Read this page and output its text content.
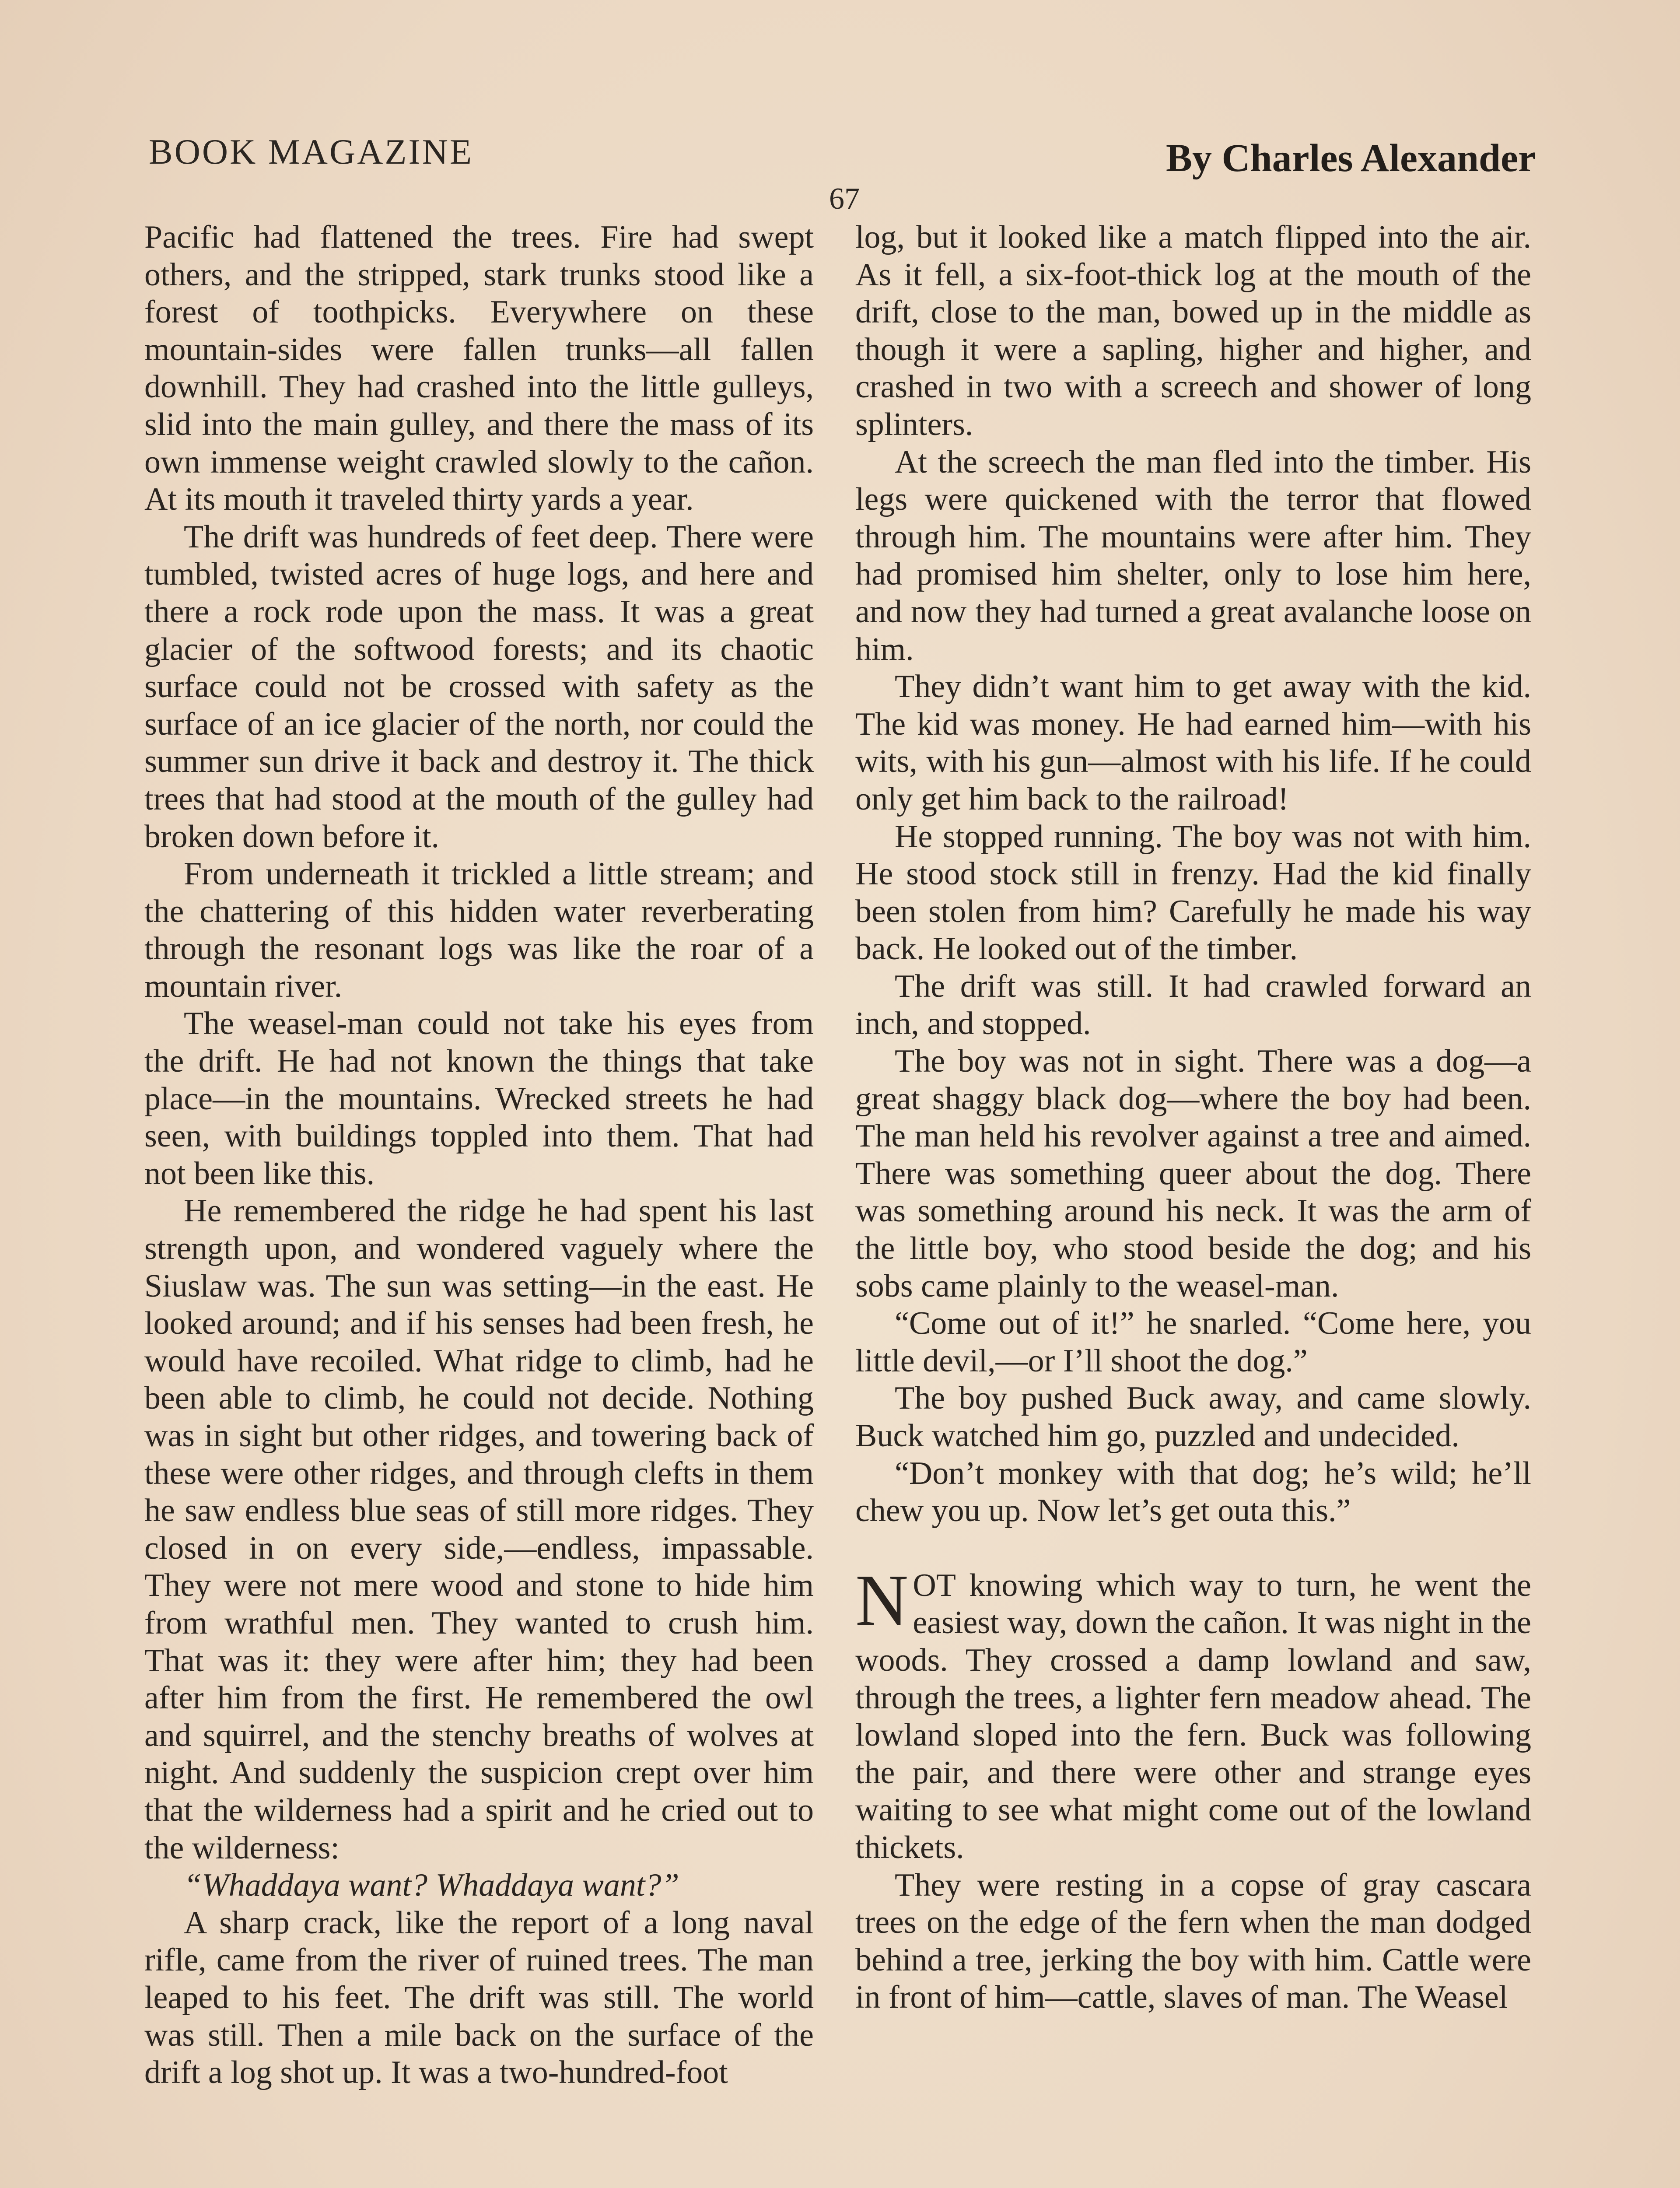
BOOK MAGAZINE	By Charles Alexander
67

Pacific had flattened the trees. Fire had swept others, and the stripped, stark trunks stood like a forest of toothpicks. Everywhere on these mountain-sides were fallen trunks—all fallen downhill. They had crashed into the little gulleys, slid into the main gulley, and there the mass of its own immense weight crawled slowly to the cañon. At its mouth it traveled thirty yards a year.

The drift was hundreds of feet deep. There were tumbled, twisted acres of huge logs, and here and there a rock rode upon the mass. It was a great glacier of the softwood forests; and its chaotic surface could not be crossed with safety as the surface of an ice glacier of the north, nor could the summer sun drive it back and destroy it. The thick trees that had stood at the mouth of the gulley had broken down before it.

From underneath it trickled a little stream; and the chattering of this hidden water reverberating through the resonant logs was like the roar of a mountain river.

The weasel-man could not take his eyes from the drift. He had not known the things that take place—in the mountains. Wrecked streets he had seen, with buildings toppled into them. That had not been like this.

He remembered the ridge he had spent his last strength upon, and wondered vaguely where the Siuslaw was. The sun was setting—in the east. He looked around; and if his senses had been fresh, he would have recoiled. What ridge to climb, had he been able to climb, he could not decide. Nothing was in sight but other ridges, and towering back of these were other ridges, and through clefts in them he saw endless blue seas of still more ridges. They closed in on every side,—endless, impassable. They were not mere wood and stone to hide him from wrathful men. They wanted to crush him. That was it: they were after him; they had been after him from the first. He remembered the owl and squirrel, and the stenchy breaths of wolves at night. And suddenly the suspicion crept over him that the wilderness had a spirit and he cried out to the wilderness:

“Whaddaya want? Whaddaya want?”

A sharp crack, like the report of a long naval rifle, came from the river of ruined trees. The man leaped to his feet. The drift was still. The world was still. Then a mile back on the surface of the drift a log shot up. It was a two-hundred-foot

log, but it looked like a match flipped into the air. As it fell, a six-foot-thick log at the mouth of the drift, close to the man, bowed up in the middle as though it were a sapling, higher and higher, and crashed in two with a screech and shower of long splinters.

At the screech the man fled into the timber. His legs were quickened with the terror that flowed through him. The mountains were after him. They had promised him shelter, only to lose him here, and now they had turned a great avalanche loose on him.

They didn’t want him to get away with the kid. The kid was money. He had earned him—with his wits, with his gun—almost with his life. If he could only get him back to the railroad!

He stopped running. The boy was not with him. He stood stock still in frenzy. Had the kid finally been stolen from him? Carefully he made his way back. He looked out of the timber.

The drift was still. It had crawled forward an inch, and stopped.

The boy was not in sight. There was a dog—a great shaggy black dog—where the boy had been. The man held his revolver against a tree and aimed. There was something queer about the dog. There was something around his neck. It was the arm of the little boy, who stood beside the dog; and his sobs came plainly to the weasel-man.

“Come out of it!” he snarled. “Come here, you little devil,—or I’ll shoot the dog.”

The boy pushed Buck away, and came slowly. Buck watched him go, puzzled and undecided.

“Don’t monkey with that dog; he’s wild; he’ll chew you up. Now let’s get outa this.”

NOT knowing which way to turn, he went the easiest way, down the cañon. It was night in the woods. They crossed a damp lowland and saw, through the trees, a lighter fern meadow ahead. The lowland sloped into the fern. Buck was following the pair, and there were other and strange eyes waiting to see what might come out of the lowland thickets.

They were resting in a copse of gray cascara trees on the edge of the fern when the man dodged behind a tree, jerking the boy with him. Cattle were in front of him—cattle, slaves of man. The Weasel
